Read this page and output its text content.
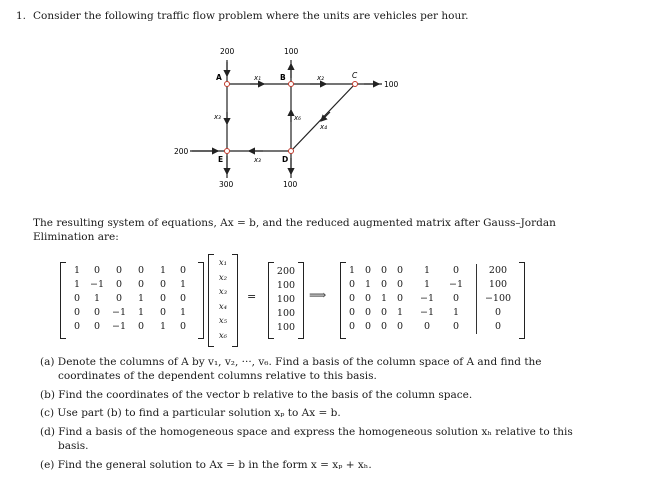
1. Consider the following traffic flow problem where the units are vehicles per hour.
200	100
100
200
300	100
A	B	C
E	D
x₁	x₂
x₃
x₃
x₆
x₄
The resulting system of equations, Ax = b, and the reduced augmented matrix after Gauss–Jordan
Elimination are:
1	0	0	0	1	0
1	−1	0	0	0	1
0	1	0	1	0	0
0	0	−1	1	0	1
0	0	−1	0	1	0
x₁
x₂
x₃
x₄
x₅
x₆
=
200
100
100
100
100
⟹
1	0	0	0	1	0	200
0	1	0	0	1	−1	100
0	0	1	0	−1	0	−100
0	0	0	1	−1	1	0
0	0	0	0	0	0	0
(a) Denote the columns of A by v₁, v₂, ···, v₆. Find a basis of the column space of A and find the
coordinates of the dependent columns relative to this basis.
(b) Find the coordinates of the vector b relative to the basis of the column space.
(c) Use part (b) to find a particular solution xₚ to Ax = b.
(d) Find a basis of the homogeneous space and express the homogeneous solution xₕ relative to this
basis.
(e) Find the general solution to Ax = b in the form x = xₚ + xₕ.
